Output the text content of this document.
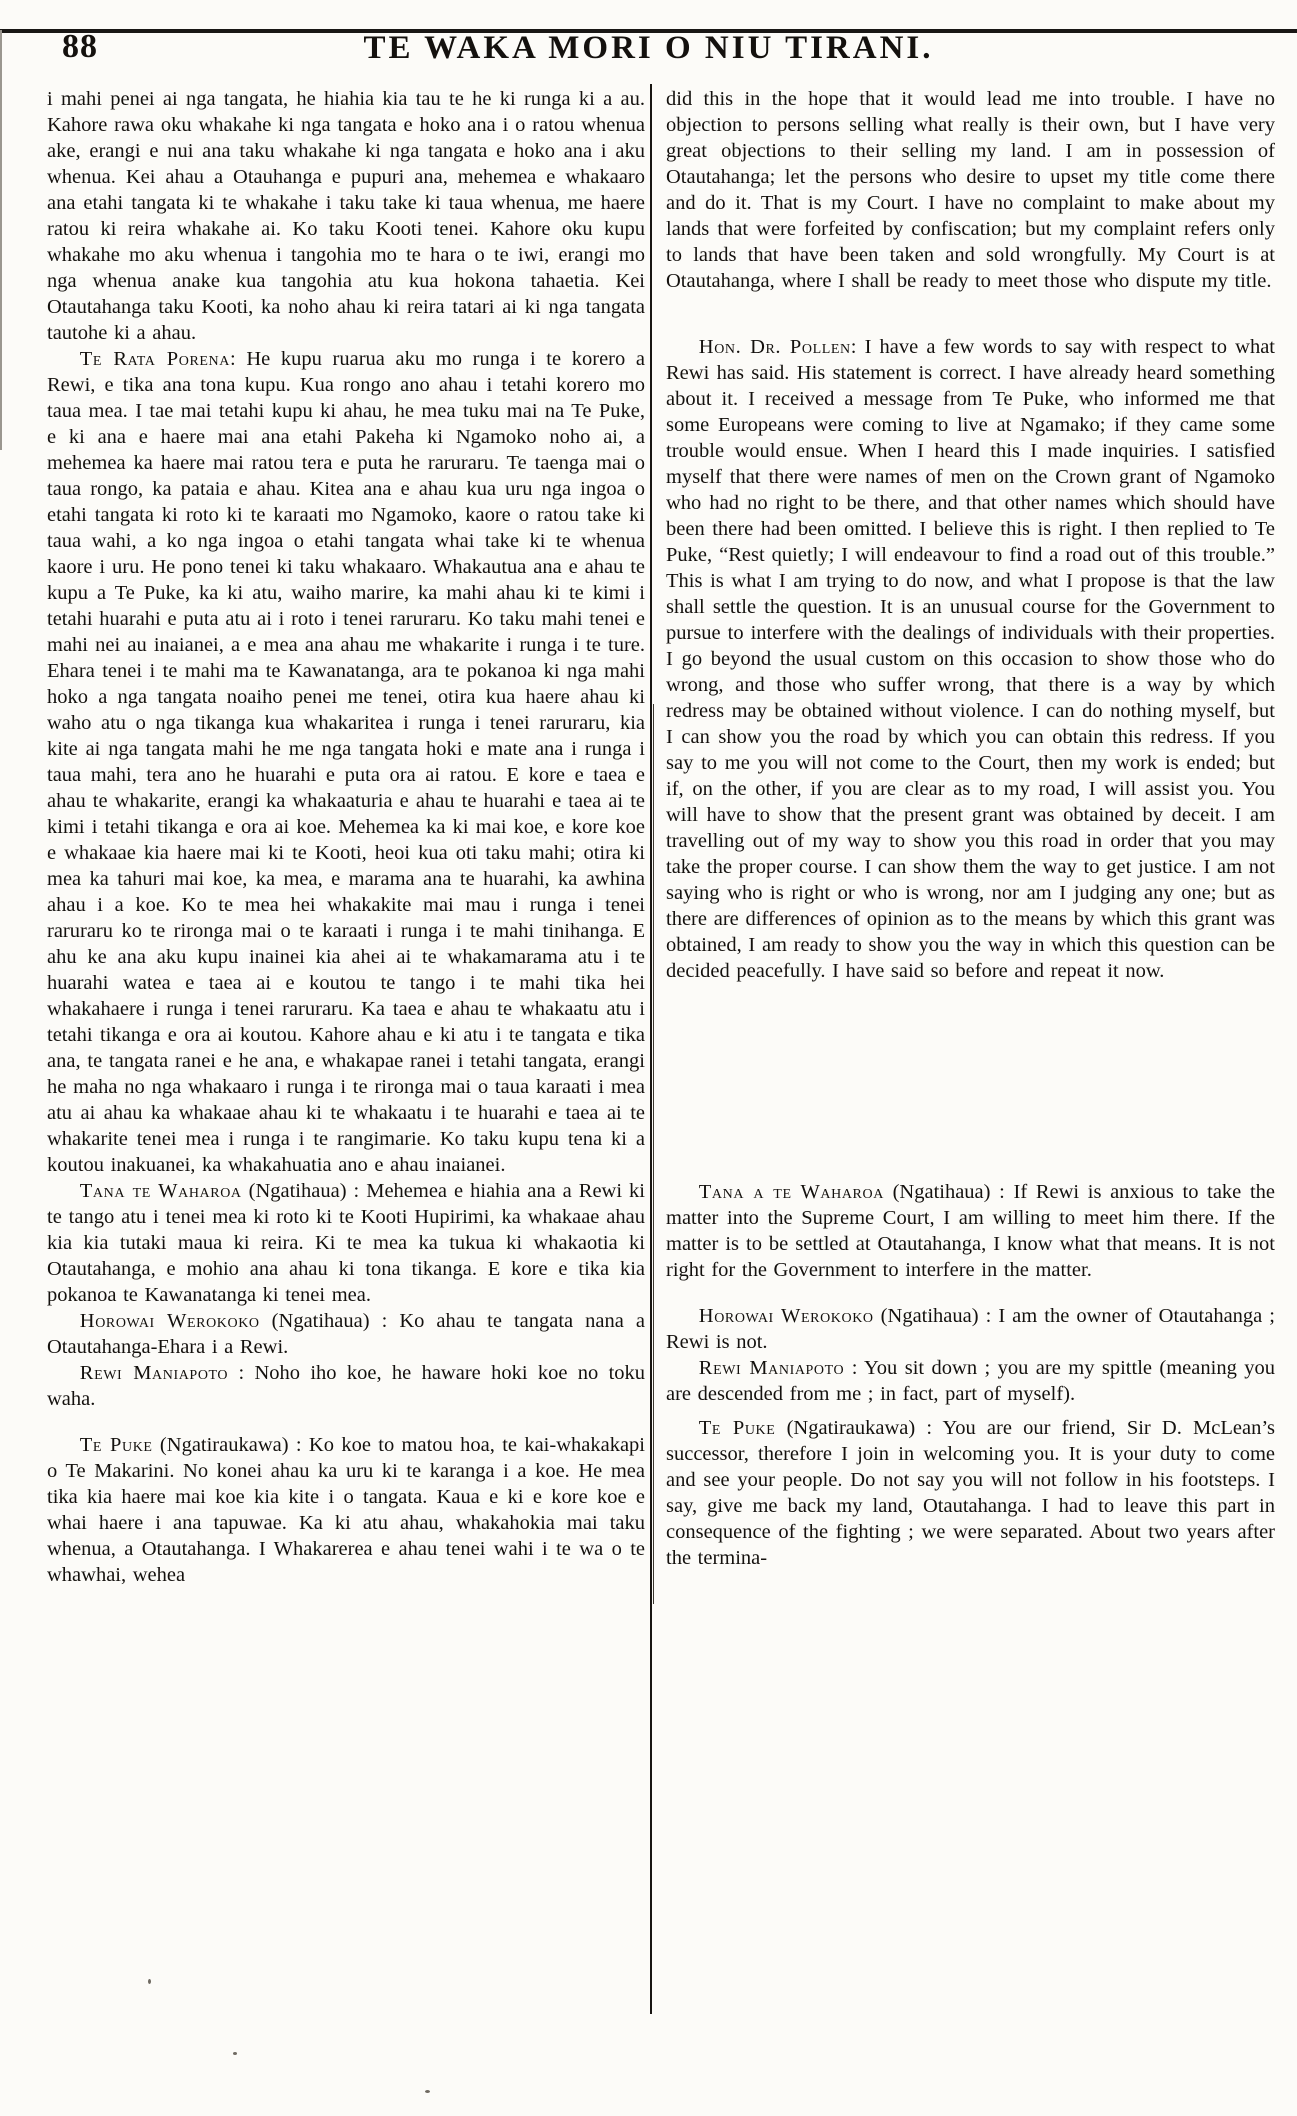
88	TE WAKA MORI O NIU TIRANI.

i mahi penei ai nga tangata, he hiahia kia tau te he ki runga ki a au. Kahore rawa oku whakahe ki nga tangata e hoko ana i o ratou whenua ake, erangi e nui ana taku whakahe ki nga tangata e hoko ana i aku whenua. Kei ahau a Otauhanga e pupuri ana, mehemea e whakaaro ana etahi tangata ki te whakahe i taku take ki taua whenua, me haere ratou ki reira whakahe ai. Ko taku Kooti tenei. Kahore oku kupu whakahe mo aku whenua i tangohia mo te hara o te iwi, erangi mo nga whenua anake kua tangohia atu kua hokona tahaetia. Kei Otautahanga taku Kooti, ka noho ahau ki reira tatari ai ki nga tangata tautohe ki a ahau.

Te Rata Porena: He kupu ruarua aku mo runga i te korero a Rewi, e tika ana tona kupu. Kua rongo ano ahau i tetahi korero mo taua mea. I tae mai tetahi kupu ki ahau, he mea tuku mai na Te Puke, e ki ana e haere mai ana etahi Pakeha ki Ngamoko noho ai, a mehemea ka haere mai ratou tera e puta he raruraru. Te taenga mai o taua rongo, ka pataia e ahau. Kitea ana e ahau kua uru nga ingoa o etahi tangata ki roto ki te karaati mo Ngamoko, kaore o ratou take ki taua wahi, a ko nga ingoa o etahi tangata whai take ki te whenua kaore i uru. He pono tenei ki taku whakaaro. Whakautua ana e ahau te kupu a Te Puke, ka ki atu, waiho marire, ka mahi ahau ki te kimi i tetahi huarahi e puta atu ai i roto i tenei raruraru. Ko taku mahi tenei e mahi nei au inaianei, a e mea ana ahau me whakarite i runga i te ture. Ehara tenei i te mahi ma te Kawanatanga, ara te pokanoa ki nga mahi hoko a nga tangata noaiho penei me tenei, otira kua haere ahau ki waho atu o nga tikanga kua whakaritea i runga i tenei raruraru, kia kite ai nga tangata mahi he me nga tangata hoki e mate ana i runga i taua mahi, tera ano he huarahi e puta ora ai ratou. E kore e taea e ahau te whakarite, erangi ka whakaaturia e ahau te huarahi e taea ai te kimi i tetahi tikanga e ora ai koe. Mehemea ka ki mai koe, e kore koe e whakaae kia haere mai ki te Kooti, heoi kua oti taku mahi; otira ki mea ka tahuri mai koe, ka mea, e marama ana te huarahi, ka awhina ahau i a koe. Ko te mea hei whakakite mai mau i runga i tenei raruraru ko te rironga mai o te karaati i runga i te mahi tinihanga. E ahu ke ana aku kupu inainei kia ahei ai te whakamarama atu i te huarahi watea e taea ai e koutou te tango i te mahi tika hei whakahaere i runga i tenei raruraru. Ka taea e ahau te whakaatu atu i tetahi tikanga e ora ai koutou. Kahore ahau e ki atu i te tangata e tika ana, te tangata ranei e he ana, e whakapae ranei i tetahi tangata, erangi he maha no nga whakaaro i runga i te rironga mai o taua karaati i mea atu ai ahau ka whakaae ahau ki te whakaatu i te huarahi e taea ai te whakarite tenei mea i runga i te rangimarie. Ko taku kupu tena ki a koutou inakuanei, ka whakahuatia ano e ahau inaianei.

Tana te Waharoa (Ngatihaua) : Mehemea e hiahia ana a Rewi ki te tango atu i tenei mea ki roto ki te Kooti Hupirimi, ka whakaae ahau kia kia tutaki maua ki reira. Ki te mea ka tukua ki whakaotia ki Otautahanga, e mohio ana ahau ki tona tikanga. E kore e tika kia pokanoa te Kawanatanga ki tenei mea.

Horowai Werokoko (Ngatihaua) : Ko ahau te tangata nana a Otautahanga-Ehara i a Rewi.

Rewi Maniapoto : Noho iho koe, he haware hoki koe no toku waha.

Te Puke (Ngatiraukawa) : Ko koe to matou hoa, te kai-whakakapi o Te Makarini. No konei ahau ka uru ki te karanga i a koe. He mea tika kia haere mai koe kia kite i o tangata. Kaua e ki e kore koe e whai haere i ana tapuwae. Ka ki atu ahau, whakahokia mai taku whenua, a Otautahanga. I Whakarerea e ahau tenei wahi i te wa o te whawhai, wehea

did this in the hope that it would lead me into trouble. I have no objection to persons selling what really is their own, but I have very great objections to their selling my land. I am in possession of Otautahanga; let the persons who desire to upset my title come there and do it. That is my Court. I have no complaint to make about my lands that were forfeited by confiscation; but my complaint refers only to lands that have been taken and sold wrongfully. My Court is at Otautahanga, where I shall be ready to meet those who dispute my title.

Hon. Dr. Pollen: I have a few words to say with respect to what Rewi has said. His statement is correct. I have already heard something about it. I received a message from Te Puke, who informed me that some Europeans were coming to live at Ngamako; if they came some trouble would ensue. When I heard this I made inquiries. I satisfied myself that there were names of men on the Crown grant of Ngamoko who had no right to be there, and that other names which should have been there had been omitted. I believe this is right. I then replied to Te Puke, “Rest quietly; I will endeavour to find a road out of this trouble.” This is what I am trying to do now, and what I propose is that the law shall settle the question. It is an unusual course for the Government to pursue to interfere with the dealings of individuals with their properties. I go beyond the usual custom on this occasion to show those who do wrong, and those who suffer wrong, that there is a way by which redress may be obtained without violence. I can do nothing myself, but I can show you the road by which you can obtain this redress. If you say to me you will not come to the Court, then my work is ended; but if, on the other, if you are clear as to my road, I will assist you. You will have to show that the present grant was obtained by deceit. I am travelling out of my way to show you this road in order that you may take the proper course. I can show them the way to get justice. I am not saying who is right or who is wrong, nor am I judging any one; but as there are differences of opinion as to the means by which this grant was obtained, I am ready to show you the way in which this question can be decided peacefully. I have said so before and repeat it now.

Tana a te Waharoa (Ngatihaua) : If Rewi is anxious to take the matter into the Supreme Court, I am willing to meet him there. If the matter is to be settled at Otautahanga, I know what that means. It is not right for the Government to interfere in the matter.

Horowai Werokoko (Ngatihaua) : I am the owner of Otautahanga ; Rewi is not.

Rewi Maniapoto : You sit down ; you are my spittle (meaning you are descended from me ; in fact, part of myself).

Te Puke (Ngatiraukawa) : You are our friend, Sir D. McLean’s successor, therefore I join in welcoming you. It is your duty to come and see your people. Do not say you will not follow in his footsteps. I say, give me back my land, Otautahanga. I had to leave this part in consequence of the fighting ; we were separated. About two years after the termina-
